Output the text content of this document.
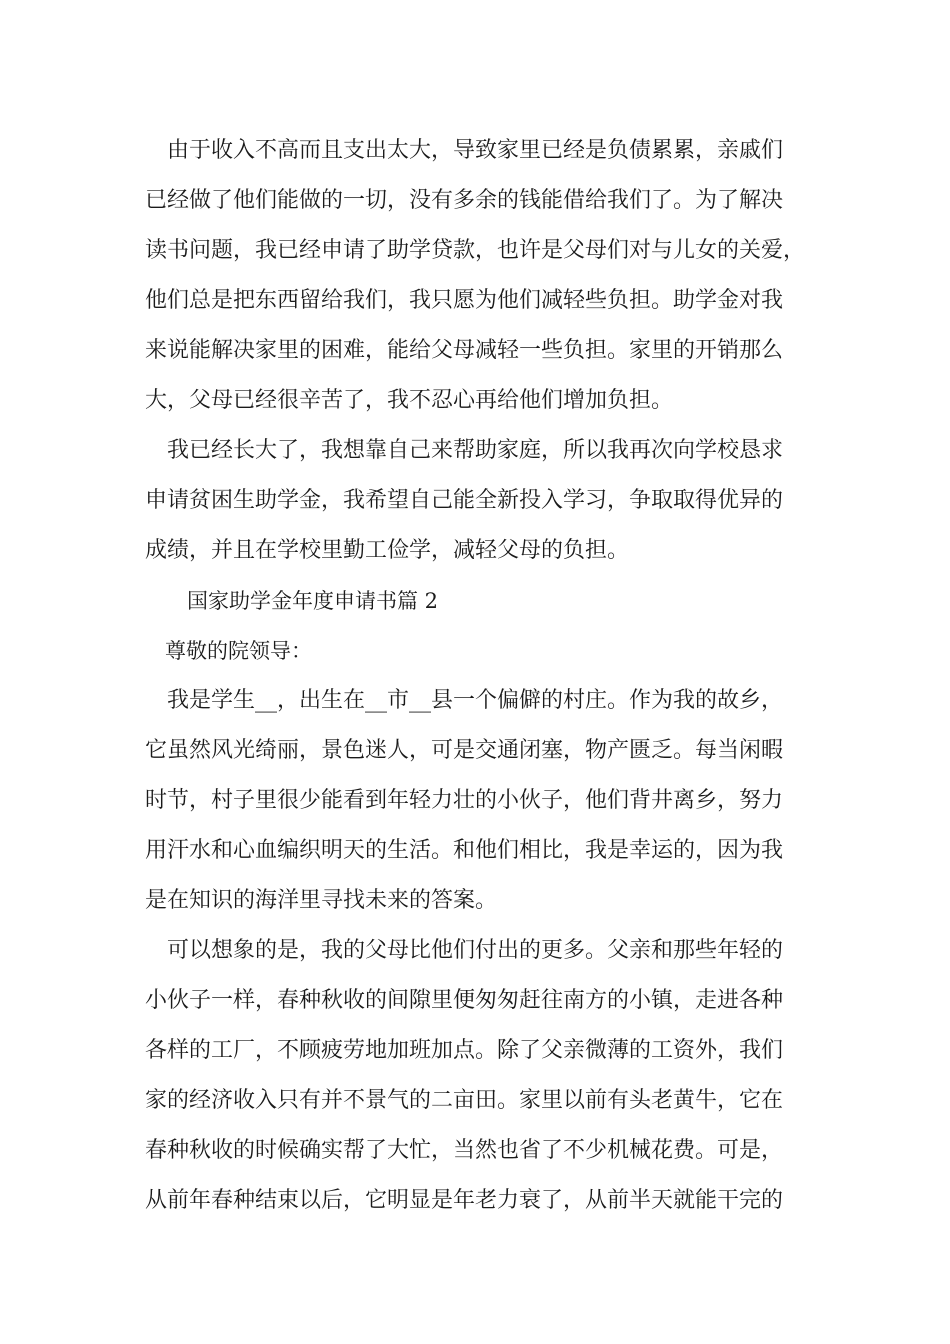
　由于收入不高而且支出太大，导致家里已经是负债累累，亲戚们
已经做了他们能做的一切，没有多余的钱能借给我们了。为了解决
读书问题，我已经申请了助学贷款，也许是父母们对与儿女的关爱，
他们总是把东西留给我们，我只愿为他们减轻些负担。助学金对我
来说能解决家里的困难，能给父母减轻一些负担。家里的开销那么
大，父母已经很辛苦了，我不忍心再给他们增加负担。
　我已经长大了，我想靠自己来帮助家庭，所以我再次向学校恳求
申请贫困生助学金，我希望自己能全新投入学习，争取取得优异的
成绩，并且在学校里勤工俭学，减轻父母的负担。
国家助学金年度申请书篇 2
尊敬的院领导：
　我是学生__，出生在__市__县一个偏僻的村庄。作为我的故乡，
它虽然风光绮丽，景色迷人，可是交通闭塞，物产匮乏。每当闲暇
时节，村子里很少能看到年轻力壮的小伙子，他们背井离乡，努力
用汗水和心血编织明天的生活。和他们相比，我是幸运的，因为我
是在知识的海洋里寻找未来的答案。
　可以想象的是，我的父母比他们付出的更多。父亲和那些年轻的
小伙子一样，春种秋收的间隙里便匆匆赶往南方的小镇，走进各种
各样的工厂，不顾疲劳地加班加点。除了父亲微薄的工资外，我们
家的经济收入只有并不景气的二亩田。家里以前有头老黄牛，它在
春种秋收的时候确实帮了大忙，当然也省了不少机械花费。可是，
从前年春种结束以后，它明显是年老力衰了，从前半天就能干完的
